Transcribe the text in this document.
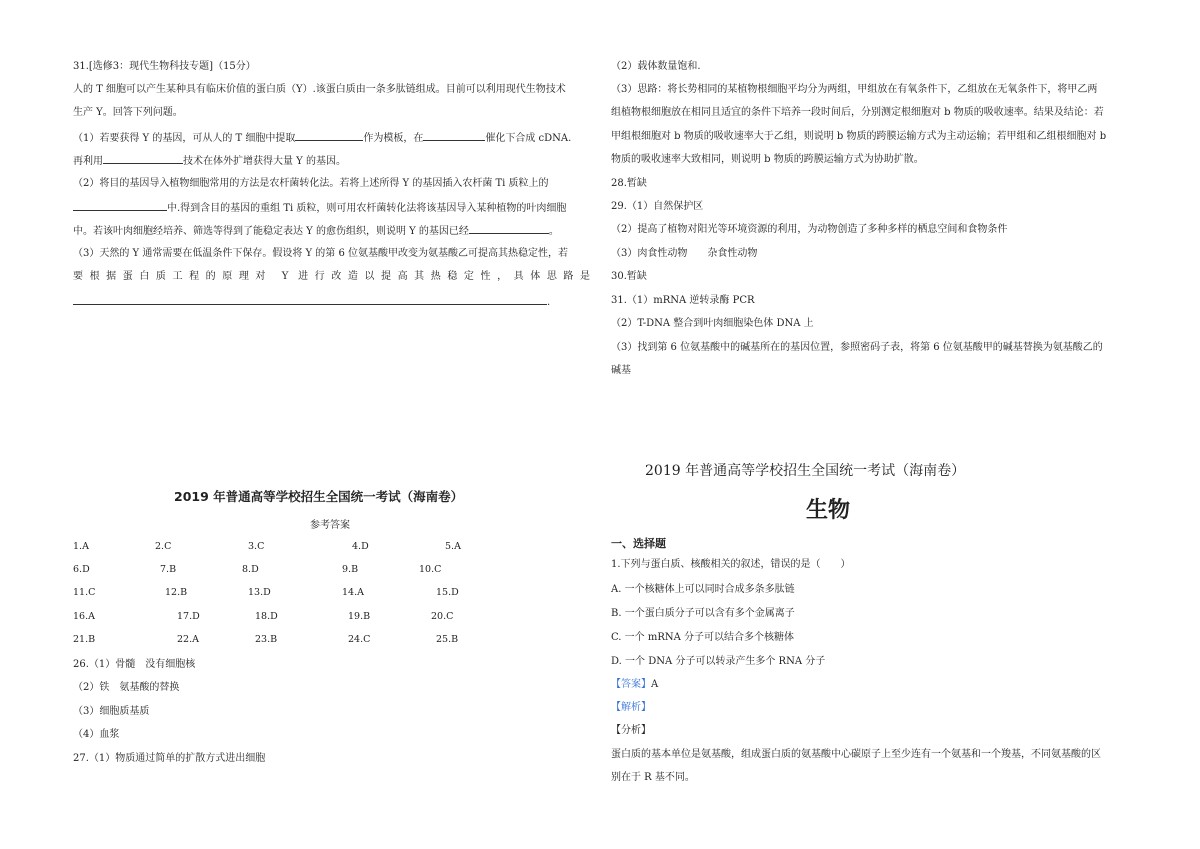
31.[选修3：现代生物科技专题]（15分）
人的 T 细胞可以产生某种具有临床价值的蛋白质（Y）.该蛋白质由一条多肽链组成。目前可以利用现代生物技术
生产 Y。回答下列问题。
（1）若要获得 Y 的基因，可从人的 T 细胞中提取	作为模板，在	催化下合成 cDNA.
再利用	技术在体外扩增获得大量 Y 的基因。
（2）将目的基因导入植物细胞常用的方法是农杆菌转化法。若将上述所得 Y 的基因插入农杆菌 Ti 质粒上的
中.得到含目的基因的重组 Ti 质粒，则可用农杆菌转化法将该基因导入某种植物的叶肉细胞
中。若该叶肉细胞经培养、筛选等得到了能稳定表达 Y 的愈伤组织，则说明 Y 的基因已经	。
（3）天然的 Y 通常需要在低温条件下保存。假设将 Y 的第 6 位氨基酸甲改变为氨基酸乙可提高其热稳定性，若
要根据蛋白质工程的原理对 Y 进行改造以提高其热稳定性，具体思路是
.
2019 年普通高等学校招生全国统一考试（海南卷）
参考答案
1.A	2.C	3.C	4.D	5.A
6.D	7.B	8.D	9.B	10.C
11.C	12.B	13.D	14.A	15.D
16.A	17.D	18.D	19.B	20.C
21.B	22.A	23.B	24.C	25.B
26.（1）骨髓　没有细胞核
（2）铁　氨基酸的替换
（3）细胞质基质
（4）血浆
27.（1）物质通过简单的扩散方式进出细胞
（2）载体数量饱和.
（3）思路：将长势相同的某植物根细胞平均分为两组，甲组放在有氧条件下，乙组放在无氧条件下，将甲乙两
组植物根细胞放在相同且适宜的条件下培养一段时间后，分别测定根细胞对 b 物质的吸收速率。结果及结论：若
甲组根细胞对 b 物质的吸收速率大于乙组，则说明 b 物质的跨膜运输方式为主动运输；若甲组和乙组根细胞对 b
物质的吸收速率大致相同，则说明 b 物质的跨膜运输方式为协助扩散。
28.暂缺
29.（1）自然保护区
（2）提高了植物对阳光等环境资源的利用，为动物创造了多种多样的栖息空间和食物条件
（3）肉食性动物　　杂食性动物
30.暂缺
31.（1）mRNA 逆转录酶 PCR
（2）T-DNA 整合到叶肉细胞染色体 DNA 上
（3）找到第 6 位氨基酸中的碱基所在的基因位置，参照密码子表，将第 6 位氨基酸甲的碱基替换为氨基酸乙的
碱基
2019 年普通高等学校招生全国统一考试（海南卷）
生物
一、选择题
1.下列与蛋白质、核酸相关的叙述，错误的是（　　）
A. 一个核糖体上可以同时合成多条多肽链
B. 一个蛋白质分子可以含有多个金属离子
C. 一个 mRNA 分子可以结合多个核糖体
D. 一个 DNA 分子可以转录产生多个 RNA 分子
【答案】A
【解析】
【分析】
蛋白质的基本单位是氨基酸，组成蛋白质的氨基酸中心碳原子上至少连有一个氨基和一个羧基，不同氨基酸的区
别在于 R 基不同。
